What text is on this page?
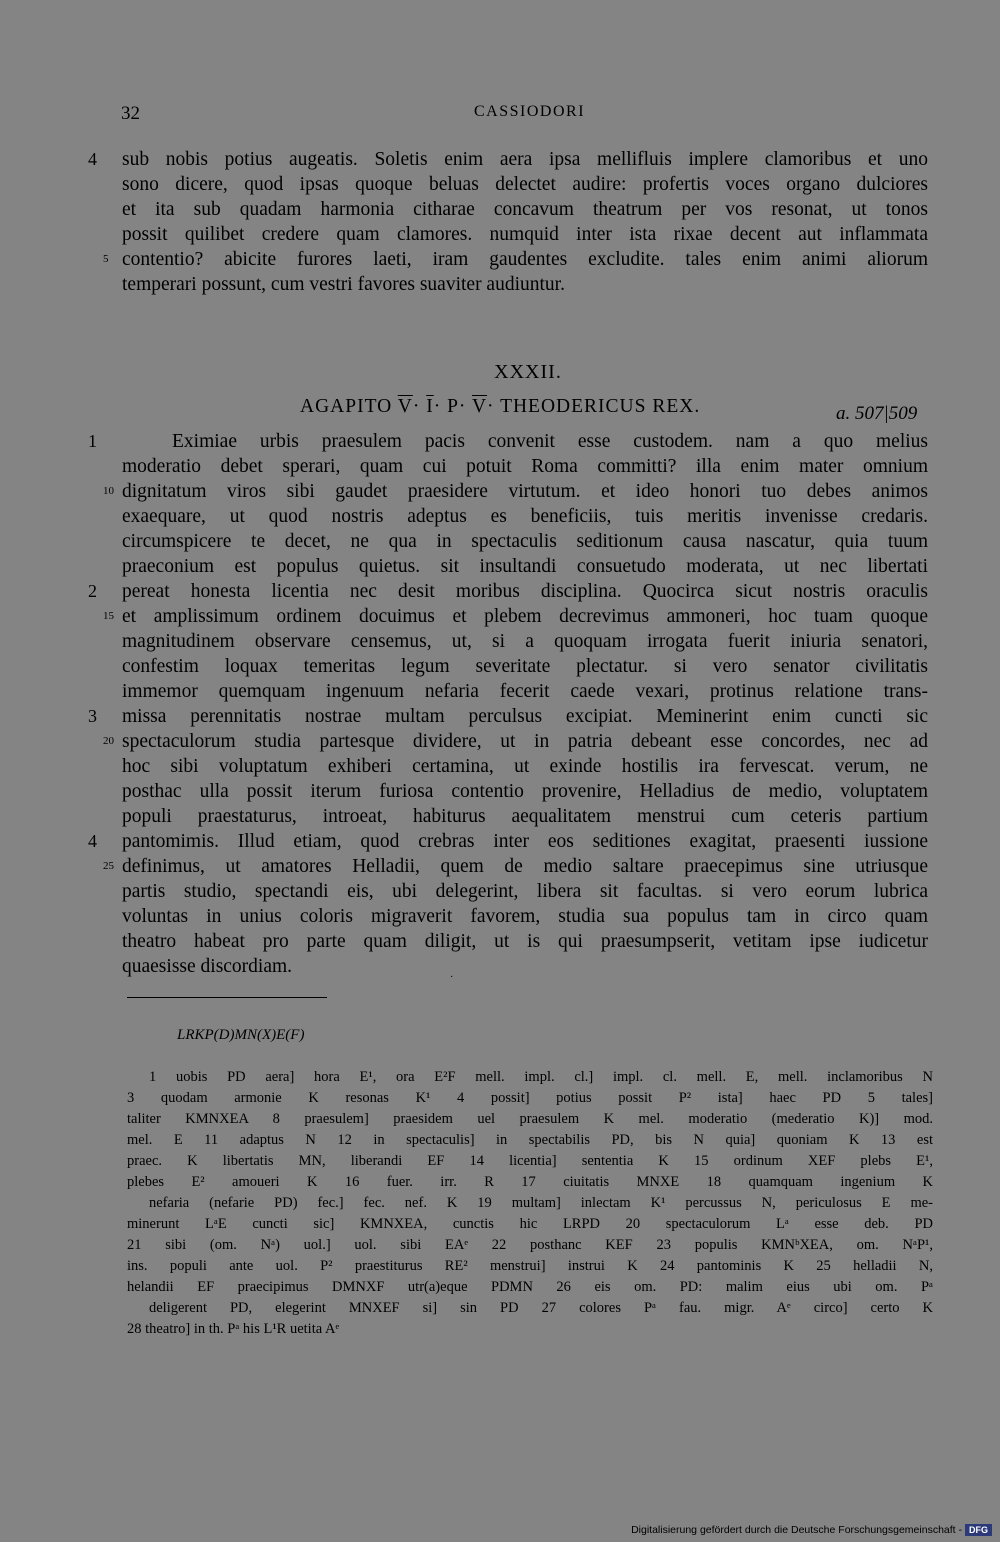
32	CASSIODORI
4
5
sub nobis potius augeatis. Soletis enim aera ipsa mellifluis implere clamoribus et uno
sono dicere, quod ipsas quoque beluas delectet audire: profertis voces organo dulciores
et ita sub quadam harmonia citharae concavum theatrum per vos resonat, ut tonos
possit quilibet credere quam clamores. numquid inter ista rixae decent aut inflammata
contentio? abicite furores laeti, iram gaudentes excludite. tales enim animi aliorum
temperari possunt, cum vestri favores suaviter audiuntur.
XXXII.
AGAPITO $\overline{V}\cdot \overline{I}\cdot P\cdot \overline{V}\cdot$ THEODERICUS REX.	a. 507|509
1
10
2
15
3
20
4
25
Eximiae urbis praesulem pacis convenit esse custodem. nam a quo melius
moderatio debet sperari, quam cui potuit Roma committi? illa enim mater omnium
dignitatum viros sibi gaudet praesidere virtutum. et ideo honori tuo debes animos
exaequare, ut quod nostris adeptus es beneficiis, tuis meritis invenisse credaris.
circumspicere te decet, ne qua in spectaculis seditionum causa nascatur, quia tuum
praeconium est populus quietus. sit insultandi consuetudo moderata, ut nec libertati
pereat honesta licentia nec desit moribus disciplina. Quocirca sicut nostris oraculis
et amplissimum ordinem docuimus et plebem decrevimus ammoneri, hoc tuam quoque
magnitudinem observare censemus, ut, si a quoquam irrogata fuerit iniuria senatori,
confestim loquax temeritas legum severitate plectatur. si vero senator civilitatis
immemor quemquam ingenuum nefaria fecerit caede vexari, protinus relatione trans-
missa perennitatis nostrae multam perculsus excipiat. Meminerint enim cuncti sic
spectaculorum studia partesque dividere, ut in patria debeant esse concordes, nec ad
hoc sibi voluptatum exhiberi certamina, ut exinde hostilis ira fervescat. verum, ne
posthac ulla possit iterum furiosa contentio provenire, Helladius de medio, voluptatem
populi praestaturus, introeat, habiturus aequalitatem menstrui cum ceteris partium
pantomimis. Illud etiam, quod crebras inter eos seditiones exagitat, praesenti iussione
definimus, ut amatores Helladii, quem de medio saltare praecepimus sine utriusque
partis studio, spectandi eis, ubi delegerint, libera sit facultas. si vero eorum lubrica
voluntas in unius coloris migraverit favorem, studia sua populus tam in circo quam
theatro habeat pro parte quam diligit, ut is qui praesumpserit, vetitam ipse iudicetur
quaesisse discordiam.
·
LRKP(D)MN(X)E(F)
1 uobis PD aera] hora E¹, ora E²F mell. impl. cl.] impl. cl. mell. E, mell. inclamoribus N
3 quodam armonie K resonas K¹ 4 possit] potius possit P² ista] haec PD 5 tales]
taliter KMNXEA 8 praesulem] praesidem uel praesulem K mel. moderatio (mederatio K)] mod.
mel. E 11 adaptus N 12 in spectaculis] in spectabilis PD, bis N quia] quoniam K 13 est
praec. K libertatis MN, liberandi EF 14 licentia] sententia K 15 ordinum XEF plebs E¹,
plebes E² amoueri K 16 fuer. irr. R 17 ciuitatis MNXE 18 quamquam ingenium K
nefaria (nefarie PD) fec.] fec. nef. K 19 multam] inlectam K¹ percussus N, periculosus E me-
minerunt LᵃE cuncti sic] KMNXEA, cunctis hic LRPD 20 spectaculorum Lᵃ esse deb. PD
21 sibi (om. Nᵃ) uol.] uol. sibi EAᵉ 22 posthanc KEF 23 populis KMNᵇXEA, om. NᵃP¹,
ins. populi ante uol. P² praestiturus RE² menstrui] instrui K 24 pantominis K 25 helladii N,
helandii EF praecipimus DMNXF utr(a)eque PDMN 26 eis om. PD: malim eius ubi om. Pᵃ
deligerent PD, elegerint MNXEF si] sin PD 27 colores Pᵃ fau. migr. Aᵉ circo] certo K
28 theatro] in th. Pᵃ his L¹R uetita Aᵉ
Digitalisierung gefördert durch die Deutsche Forschungsgemeinschaft - DFG
